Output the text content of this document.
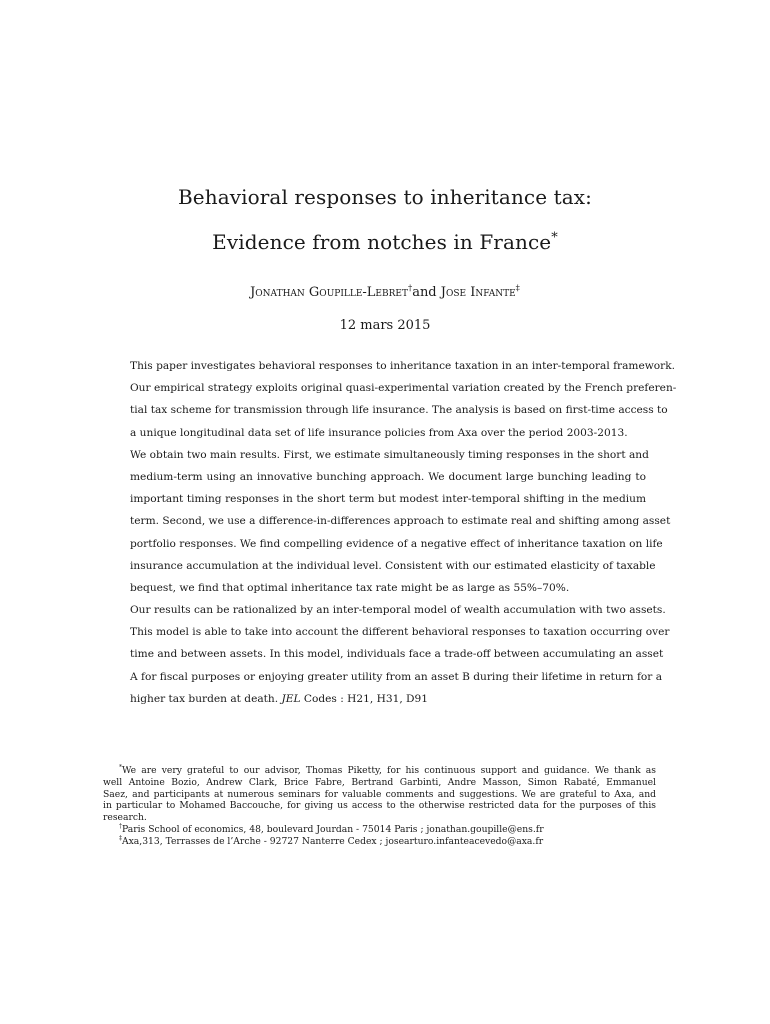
Behavioral responses to inheritance tax:
Evidence from notches in France*
Jonathan Goupille-Lebret†and Jose Infante‡
12 mars 2015
This paper investigates behavioral responses to inheritance taxation in an inter-temporal framework.
Our empirical strategy exploits original quasi-experimental variation created by the French preferen-
tial tax scheme for transmission through life insurance. The analysis is based on first-time access to
a unique longitudinal data set of life insurance policies from Axa over the period 2003-2013.
We obtain two main results. First, we estimate simultaneously timing responses in the short and
medium-term using an innovative bunching approach. We document large bunching leading to
important timing responses in the short term but modest inter-temporal shifting in the medium
term. Second, we use a difference-in-differences approach to estimate real and shifting among asset
portfolio responses. We find compelling evidence of a negative effect of inheritance taxation on life
insurance accumulation at the individual level. Consistent with our estimated elasticity of taxable
bequest, we find that optimal inheritance tax rate might be as large as 55%–70%.
Our results can be rationalized by an inter-temporal model of wealth accumulation with two assets.
This model is able to take into account the different behavioral responses to taxation occurring over
time and between assets. In this model, individuals face a trade-off between accumulating an asset
A for fiscal purposes or enjoying greater utility from an asset B during their lifetime in return for a
higher tax burden at death. JEL Codes : H21, H31, D91
*We are very grateful to our advisor, Thomas Piketty, for his continuous support and guidance. We thank as
well Antoine Bozio, Andrew Clark, Brice Fabre, Bertrand Garbinti, Andre Masson, Simon Rabaté, Emmanuel
Saez, and participants at numerous seminars for valuable comments and suggestions. We are grateful to Axa, and
in particular to Mohamed Baccouche, for giving us access to the otherwise restricted data for the purposes of this
research.
†Paris School of economics, 48, boulevard Jourdan - 75014 Paris ; jonathan.goupille@ens.fr
‡Axa,313, Terrasses de l’Arche - 92727 Nanterre Cedex ; josearturo.infanteacevedo@axa.fr
